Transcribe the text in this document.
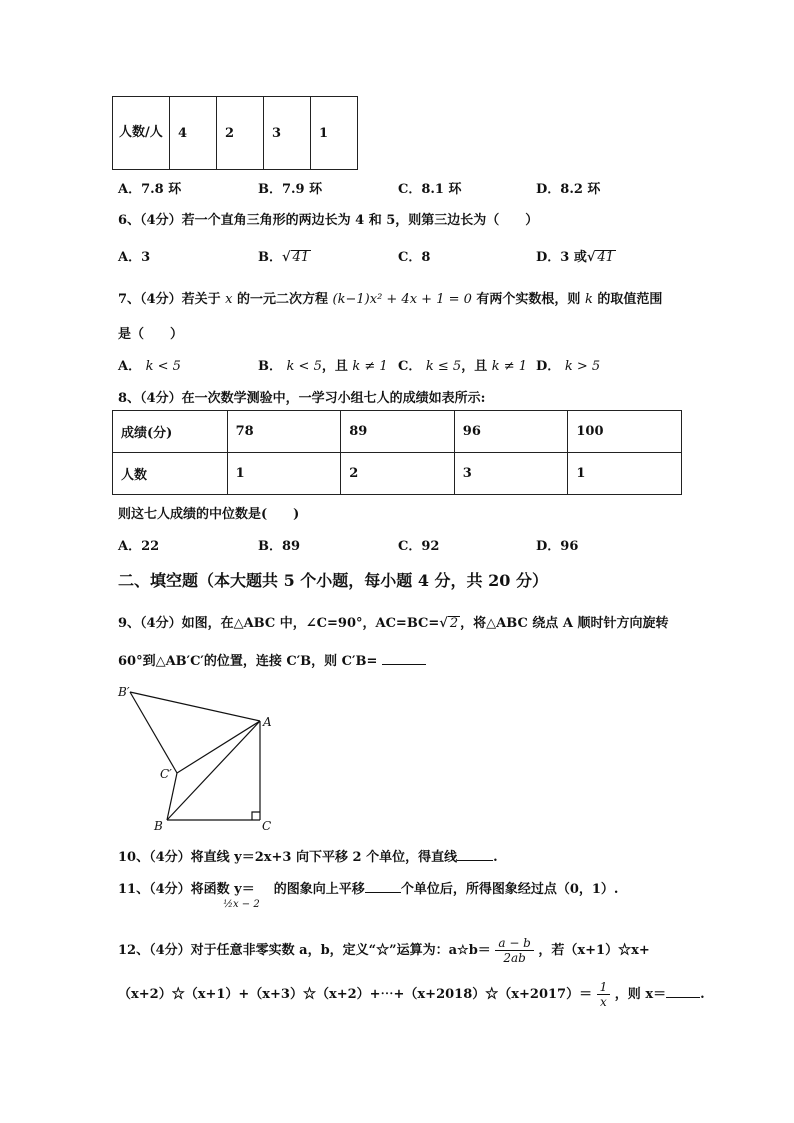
人数/人	4	2	3	1
A．7.8 环	B．7.9 环	C．8.1 环	D．8.2 环
6、（4分）若一个直角三角形的两边长为 4 和 5，则第三边长为（　　）
A．3	B．√ 41	C．8	D．3 或√ 41
7、（4分）若关于 x 的一元二次方程 (k−1)x² + 4x + 1 = 0 有两个实数根，则 k 的取值范围
是（　　）
A． k < 5	B． k < 5，且 k ≠ 1 C． k ≤ 5，且 k ≠ 1 D． k > 5
8、（4分）在一次数学测验中，一学习小组七人的成绩如表所示:
成绩(分)	78	89	96	100
人数	1	2	3	1
则这七人成绩的中位数是(　　)
A．22	B．89	C．92	D．96
二、填空题（本大题共 5 个小题，每小题 4 分，共 20 分）
9、（4分）如图，在△ABC 中，∠C=90°，AC=BC=√ 2 ，将△ABC 绕点 A 顺时针方向旋转
60°到△AB′C′的位置，连接 C′B，则 C′B=
B′
A
C′
B	C
10、（4分）将直线 y＝2x+3 向下平移 2 个单位，得直线	.
11、（4分）将函数 y＝ ½x − 2 的图象向上平移	个单位后，所得图象经过点（0，1）.
12、（4分）对于任意非零实数 a，b，定义“☆”运算为：a☆b＝ $\frac{a - b}{2ab}$ ，若（x+1）☆x+
（x+2）☆（x+1）+（x+3）☆（x+2）+⋯+（x+2018）☆（x+2017）＝ $\frac{1}{x}$ ，则 x＝	.
